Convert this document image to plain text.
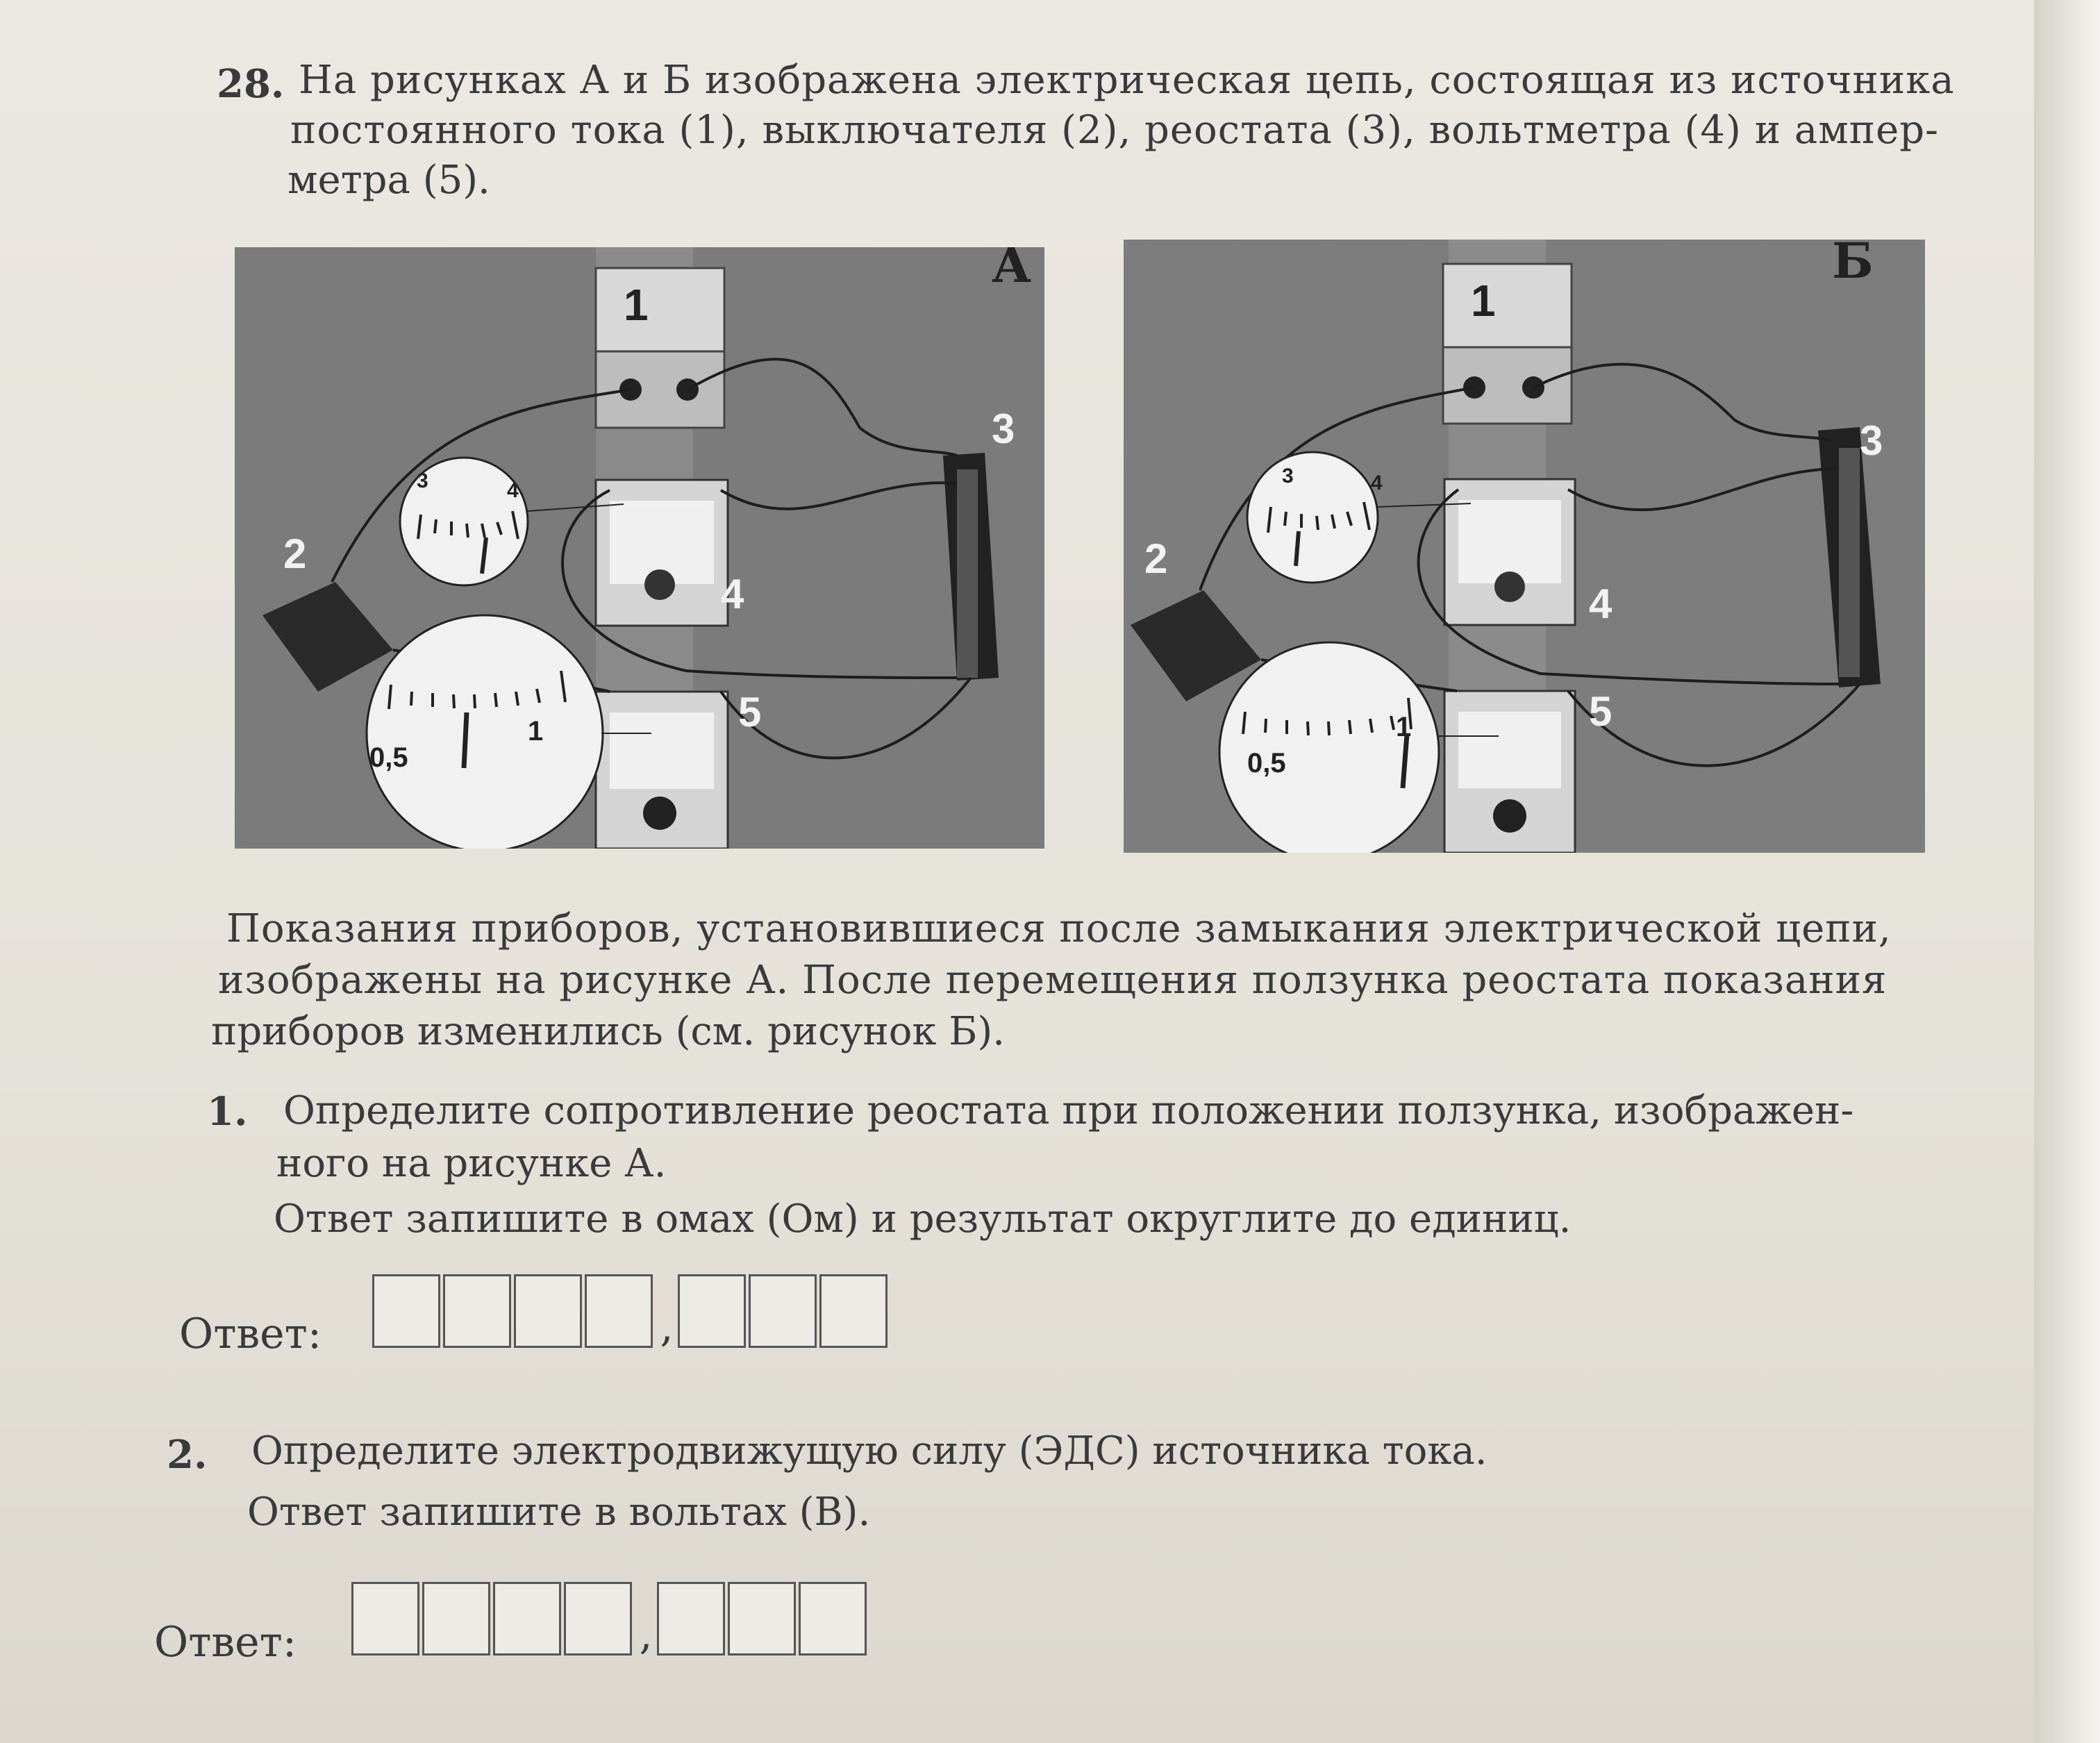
28. На рисунках А и Б изображена электрическая цепь, состоящая из источника
постоянного тока (1), выключателя (2), реостата (3), вольтметра (4) и ампер-
метра (5).
1
2
3
4
5
А
3	4
0,5
1
1
2
3
4
5
Б
3	4
0,5
1
Показания приборов, установившиеся после замыкания электрической цепи,
изображены на рисунке А. После перемещения ползунка реостата показания
приборов изменились (см. рисунок Б).
1. Определите сопротивление реостата при положении ползунка, изображен-
ного на рисунке А.
Ответ запишите в омах (Ом) и результат округлите до единиц.
Ответ:	,
2. Определите электродвижущую силу (ЭДС) источника тока.
Ответ запишите в вольтах (В).
Ответ:	,
